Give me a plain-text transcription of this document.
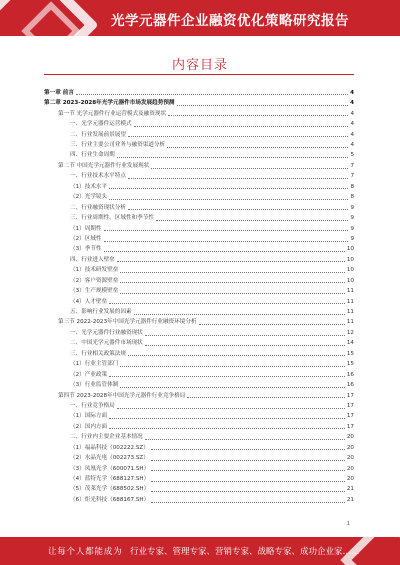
光学元器件企业融资优化策略研究报告
内容目录
第一章 前言	4
第二章 2023-2028年光学元器件市场发展趋势预测	4
第一节 光学元器件行业运营模式及融资现状	4
一、光学元器件运营模式	4
二、行业发展前景展望	4
三、行业主要公司业务与融资渠道分析	4
四、行业生命周期	5
第二节 中国光学元器件行业发展现状	7
一、行业技术水平特点	7
（1）技术水平	8
（2）光学镜头	8
二、行业融资现状分析	9
三、行业周期性、区域性和季节性	9
（1）周期性	9
（2）区域性	9
（3）季节性	10
四、行业进入壁垒	10
（1）技术研发壁垒	10
（2）客户资源壁垒	10
（3）生产规模壁垒	11
（4）人才壁垒	11
五、影响行业发展的因素	11
第三节 2022-2023年中国光学元器件行业融资环境分析	11
一、光学元器件行业融资现状	12
二、中国光学元器件市场现状	14
三、行业相关政策法规	15
（1）行业主管部门	15
（2）产业政策	16
（3）行业监管体制	16
第四节 2023-2028年中国光学元器件行业竞争格局	17
一、行业竞争格局	17
（1）国际方面	17
（2）国内方面	17
二、行业内主要企业基本情况	20
（1）福晶科技（002222.SZ）	20
（2）水晶光电（002273.SZ）	20
（3）凤凰光学（600071.SH）	20
（4）蓝特光学（688127.SH）	20
（5）茂莱光学（688502.SH）	21
（6）炬光科技（688167.SH）	21
1
让每个人都能成为 行业专家、管理专家、营销专家、战略专家、成功企业家……
